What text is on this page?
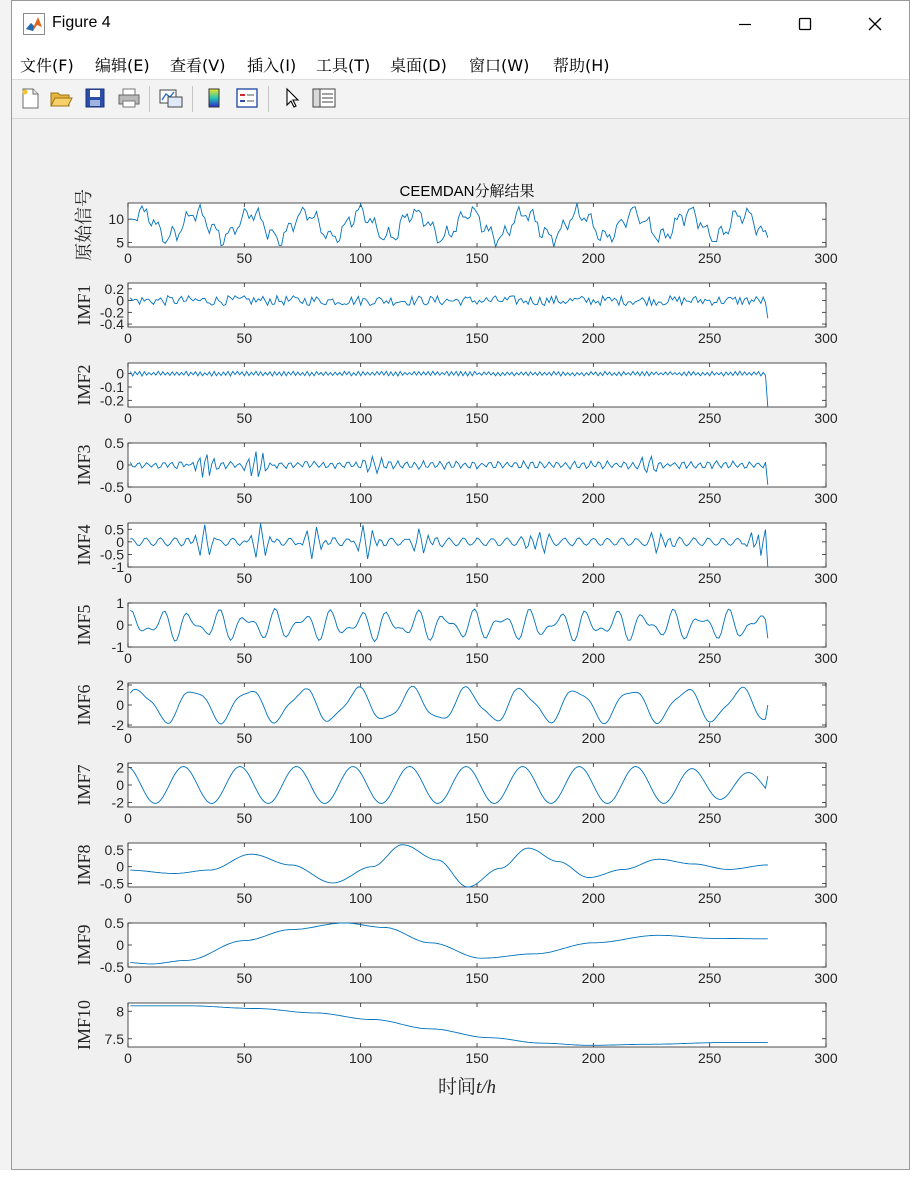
Figure 4
文件(F) 编辑(E) 查看(V) 插入(I) 工具(T) 桌面(D) 窗口(W) 帮助(H)
0	50	100	150	200	250	300
5
10
原始信号
0	50	100	150	200	250	300
0.2
0
-0.2
-0.4
IMF1
0	50	100	150	200	250	300
0
-0.1
-0.2
IMF2
0	50	100	150	200	250	300
0.5
0
-0.5
IMF3
0	50	100	150	200	250	300
0.5
0
-0.5
-1
IMF4
0	50	100	150	200	250	300
1
0
-1
IMF5
0	50	100	150	200	250	300
2
0
-2
IMF6
0	50	100	150	200	250	300
2
0
-2
IMF7
0	50	100	150	200	250	300
0.5
0
-0.5
IMF8
0	50	100	150	200	250	300
0.5
0
-0.5
IMF9
0	50	100	150	200	250	300
8
7.5
IMF10
CEEMDAN分解结果
时间t/h
